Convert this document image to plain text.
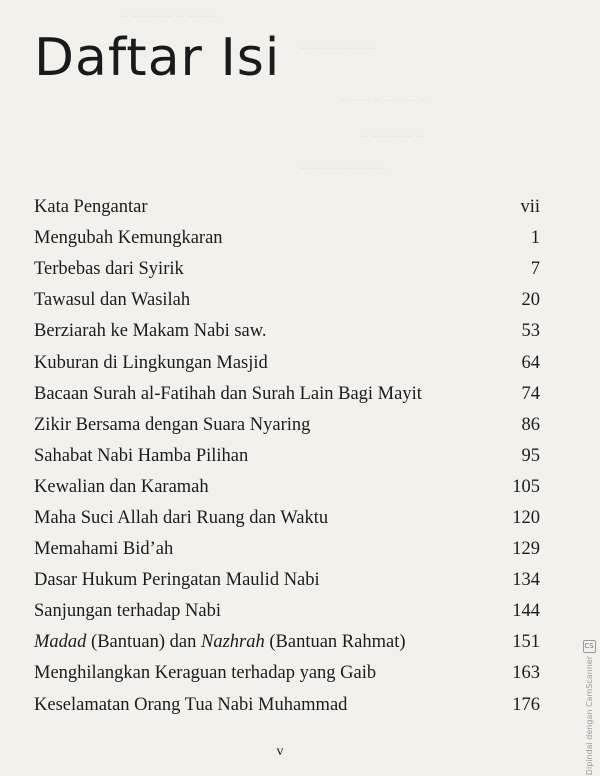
‒ ‒ ‒ ‒ ‒ ‒ ‒ ‒ ‒
‒ ‒ ‒ ‒ ‒ ‒ ‒
‒ ‒ ‒ ‒ ‒ ‒ ‒ ‒
‒ ‒ ‒ ‒ ‒ ‒
‒ ‒ ‒ ‒ ‒ ‒ ‒ ‒
Daftar Isi
Kata Pengantar	vii
Mengubah Kemungkaran	1
Terbebas dari Syirik	7
Tawasul dan Wasilah	20
Berziarah ke Makam Nabi saw.	53
Kuburan di Lingkungan Masjid	64
Bacaan Surah al-Fatihah dan Surah Lain Bagi Mayit	74
Zikir Bersama dengan Suara Nyaring	86
Sahabat Nabi Hamba Pilihan	95
Kewalian dan Karamah	105
Maha Suci Allah dari Ruang dan Waktu	120
Memahami Bid’ah	129
Dasar Hukum Peringatan Maulid Nabi	134
Sanjungan terhadap Nabi	144
Madad (Bantuan) dan Nazhrah (Bantuan Rahmat)	151
Menghilangkan Keraguan terhadap yang Gaib	163
Keselamatan Orang Tua Nabi Muhammad	176
v
CS
Dipindai dengan CamScanner
